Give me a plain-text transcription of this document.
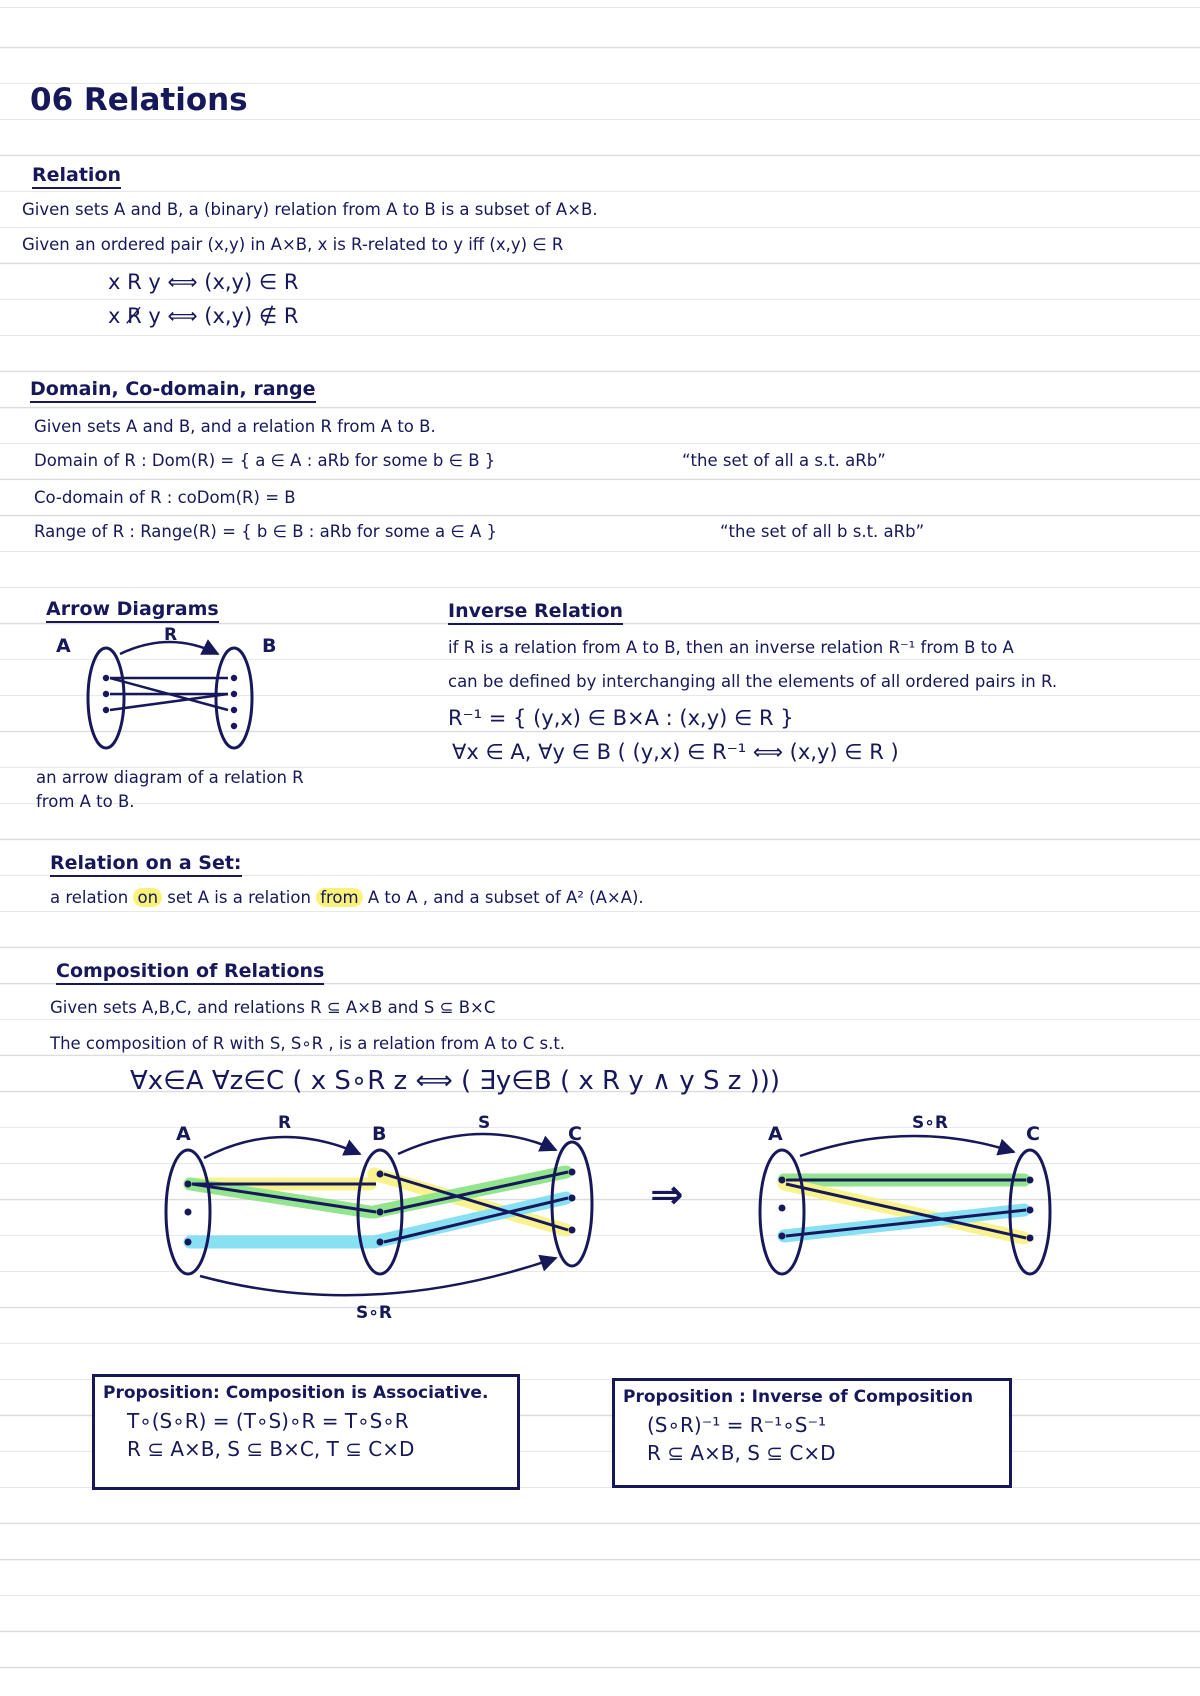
06 Relations
Relation
Given sets A and B, a (binary) relation from A to B is a subset of A×B.
Given an ordered pair (x,y) in A×B, x is R-related to y iff (x,y) ∈ R
x R y ⟺ (x,y) ∈ R
x R̸ y ⟺ (x,y) ∉ R
Domain, Co-domain, range
Given sets A and B, and a relation R from A to B.
Domain of R : Dom(R) = { a ∈ A : aRb for some b ∈ B }	“the set of all a s.t. aRb”
Co-domain of R : coDom(R) = B
Range of R : Range(R) = { b ∈ B : aRb for some a ∈ A }	“the set of all b s.t. aRb”
Arrow Diagrams
A	B
R
an arrow diagram of a relation R
from A to B.
Inverse Relation
if R is a relation from A to B, then an inverse relation R⁻¹ from B to A
can be defined by interchanging all the elements of all ordered pairs in R.
R⁻¹ = { (y,x) ∈ B×A : (x,y) ∈ R }
∀x ∈ A, ∀y ∈ B ( (y,x) ∈ R⁻¹ ⟺ (x,y) ∈ R )
Relation on a Set:
a relation on set A is a relation from A to A , and a subset of A² (A×A).
Composition of Relations
Given sets A,B,C, and relations R ⊆ A×B and S ⊆ B×C
The composition of R with S, S∘R , is a relation from A to C s.t.
∀x∈A ∀z∈C ( x S∘R z ⟺ ( ∃y∈B ( x R y ∧ y S z )))
A	B	C
R	S
S∘R
⇒
A	C
S∘R
Proposition: Composition is Associative.
T∘(S∘R) = (T∘S)∘R = T∘S∘R
R ⊆ A×B, S ⊆ B×C, T ⊆ C×D
Proposition : Inverse of Composition
(S∘R)⁻¹ = R⁻¹∘S⁻¹
R ⊆ A×B, S ⊆ C×D
